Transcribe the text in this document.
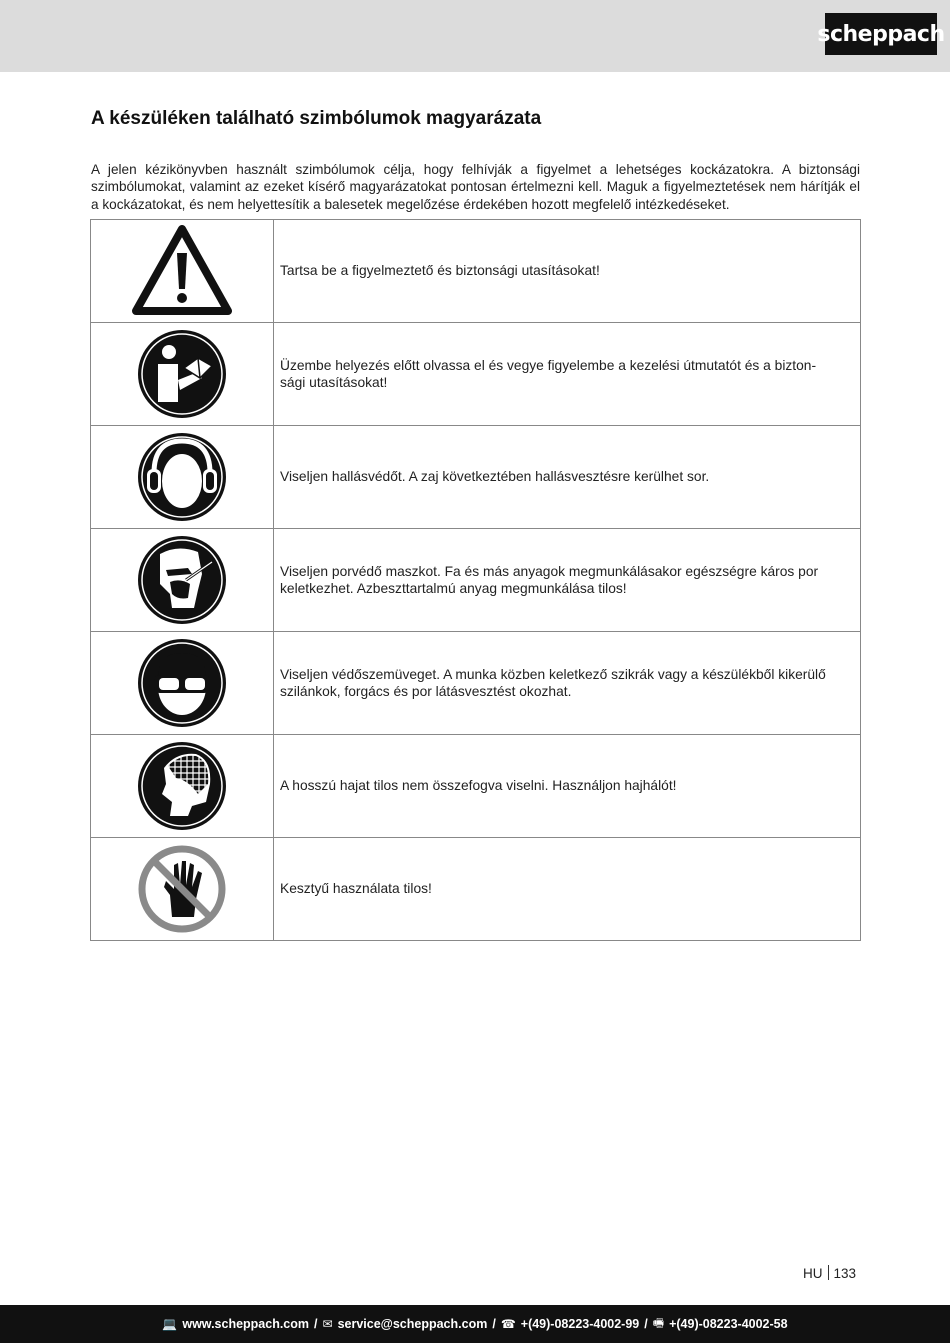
scheppach
A készüléken található szimbólumok magyarázata

A jelen kézikönyvben használt szimbólumok célja, hogy felhívják a figyelmet a lehetséges kockázatokra. A biztonsági szimbólumokat, valamint az ezeket kísérő magyarázatokat pontosan értelmezni kell. Maguk a figyelmeztetések nem hárítják el a kockázatokat, és nem helyettesítik a balesetek megelőzése érdekében hozott megfelelő intézkedéseket.

	Tartsa be a figyelmeztető és biztonsági utasításokat!

	Üzembe helyezés előtt olvassa el és vegye figyelembe a kezelési útmutatót és a bizton-
sági utasításokat!

	Viseljen hallásvédőt. A zaj következtében hallásvesztésre kerülhet sor.

	Viseljen porvédő maszkot. Fa és más anyagok megmunkálásakor egészségre káros por keletkezhet. Azbeszttartalmú anyag megmunkálása tilos!

	Viseljen védőszemüveget. A munka közben keletkező szikrák vagy a készülékből kikerülő szilánkok, forgács és por látásvesztést okozhat.

	A hosszú hajat tilos nem összefogva viselni. Használjon hajhálót!

	Kesztyű használata tilos!
HU 133
💻 www.scheppach.com / ✉ service@scheppach.com / ☎ +(49)-08223-4002-99 / 🖷 +(49)-08223-4002-58
